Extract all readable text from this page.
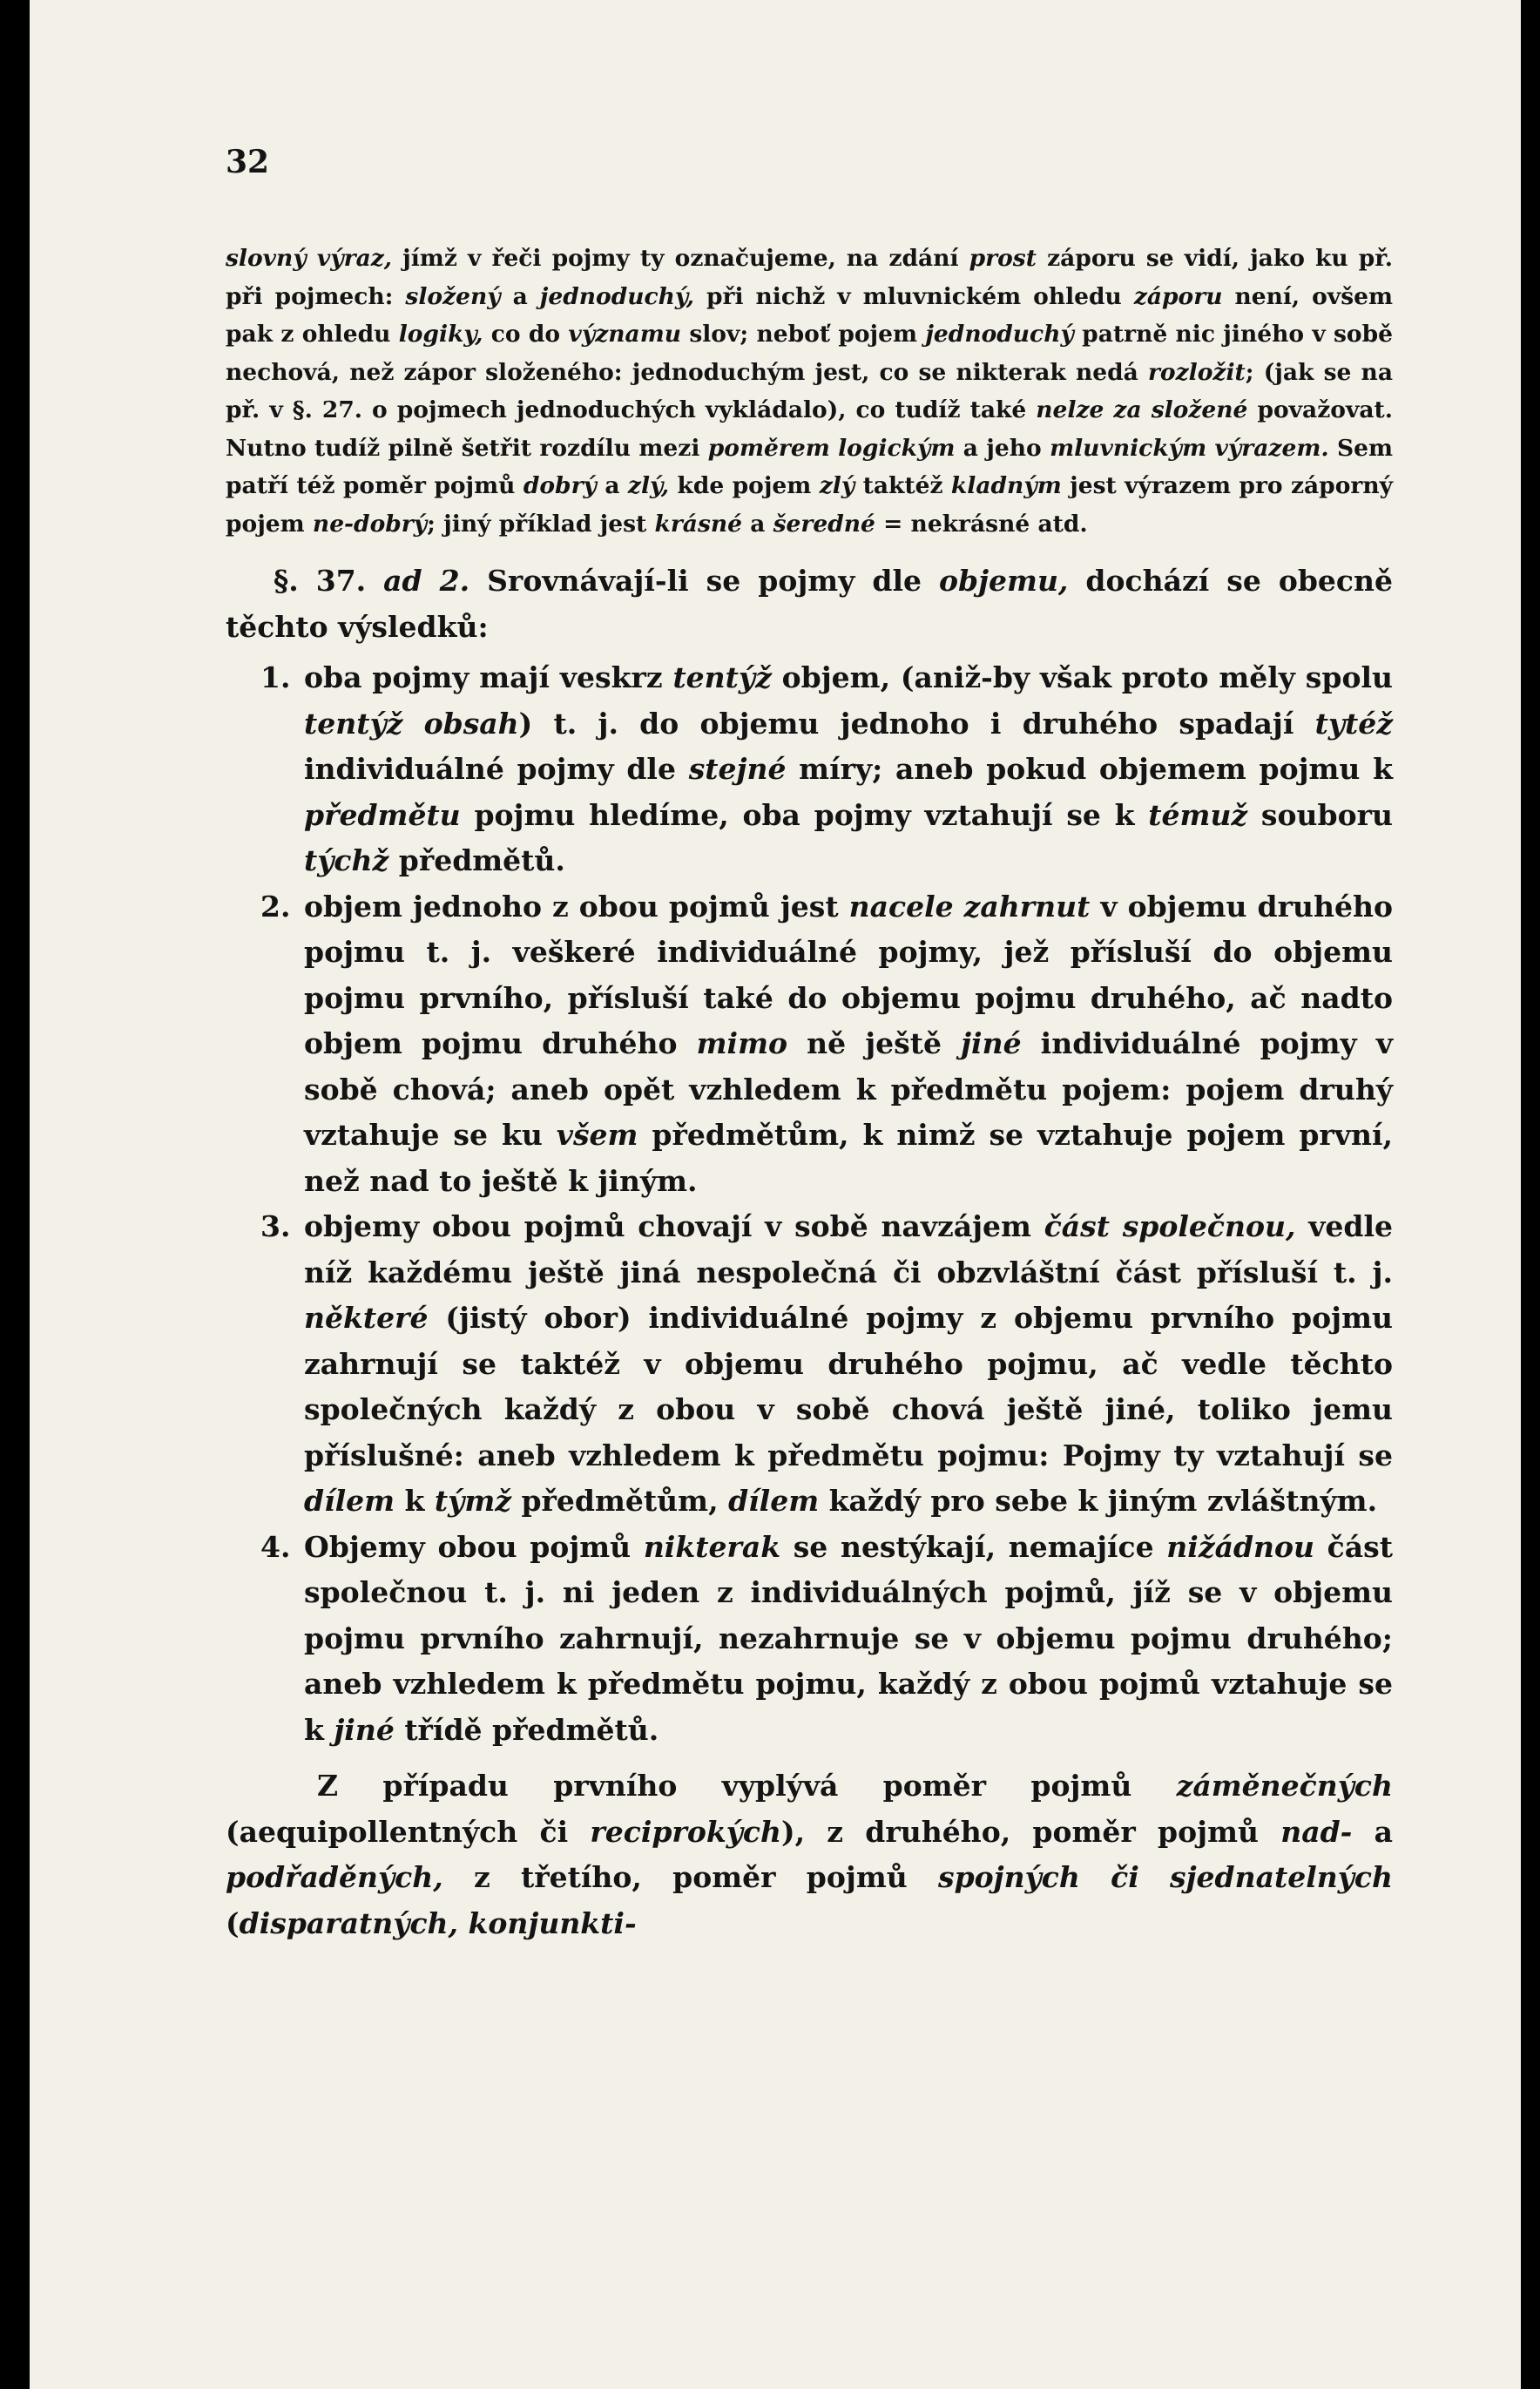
32

slovný výraz, jímž v řeči pojmy ty označujeme, na zdání prost záporu se vidí, jako ku př. při pojmech: složený a jednoduchý, při nichž v mluvnickém ohledu záporu není, ovšem pak z ohledu logiky, co do významu slov; neboť pojem jednoduchý patrně nic jiného v sobě nechová, než zápor složeného: jednoduchým jest, co se nikterak nedá rozložit; (jak se na př. v §. 27. o pojmech jednoduchých vykládalo), co tudíž také nelze za složené považovat. Nutno tudíž pilně šetřit rozdílu mezi poměrem logickým a jeho mluvnickým výrazem. Sem patří též poměr pojmů dobrý a zlý, kde pojem zlý taktéž kladným jest výrazem pro záporný pojem ne-dobrý; jiný příklad jest krásné a šeredné = nekrásné atd.

§. 37. ad 2. Srovnávají-li se pojmy dle objemu, dochází se obecně těchto výsledků:

1. oba pojmy mají veskrz tentýž objem, (aniž-by však proto měly spolu tentýž obsah) t. j. do objemu jednoho i druhého spadají tytéž individuálné pojmy dle stejné míry; aneb pokud objemem pojmu k předmětu pojmu hledíme, oba pojmy vztahují se k témuž souboru týchž předmětů.
2. objem jednoho z obou pojmů jest nacele zahrnut v objemu druhého pojmu t. j. veškeré individuálné pojmy, jež přísluší do objemu pojmu prvního, přísluší také do objemu pojmu druhého, ač nadto objem pojmu druhého mimo ně ještě jiné individuálné pojmy v sobě chová; aneb opět vzhledem k předmětu pojem: pojem druhý vztahuje se ku všem předmětům, k nimž se vztahuje pojem první, než nad to ještě k jiným.
3. objemy obou pojmů chovají v sobě navzájem část společnou, vedle níž každému ještě jiná nespolečná či obzvláštní část přísluší t. j. některé (jistý obor) individuálné pojmy z objemu prvního pojmu zahrnují se taktéž v objemu druhého pojmu, ač vedle těchto společných každý z obou v sobě chová ještě jiné, toliko jemu příslušné: aneb vzhledem k předmětu pojmu: Pojmy ty vztahují se dílem k týmž předmětům, dílem každý pro sebe k jiným zvláštným.
4. Objemy obou pojmů nikterak se nestýkají, nemajíce nižádnou část společnou t. j. ni jeden z individuálných pojmů, jíž se v objemu pojmu prvního zahrnují, nezahrnuje se v objemu pojmu druhého; aneb vzhledem k předmětu pojmu, každý z obou pojmů vztahuje se k jiné třídě předmětů.

Z případu prvního vyplývá poměr pojmů záměnečných (aequipollentných či reciprokých), z druhého, poměr pojmů nad- a podřaděných, z třetího, poměr pojmů spojných či sjednatelných (disparatných, konjunkti-
